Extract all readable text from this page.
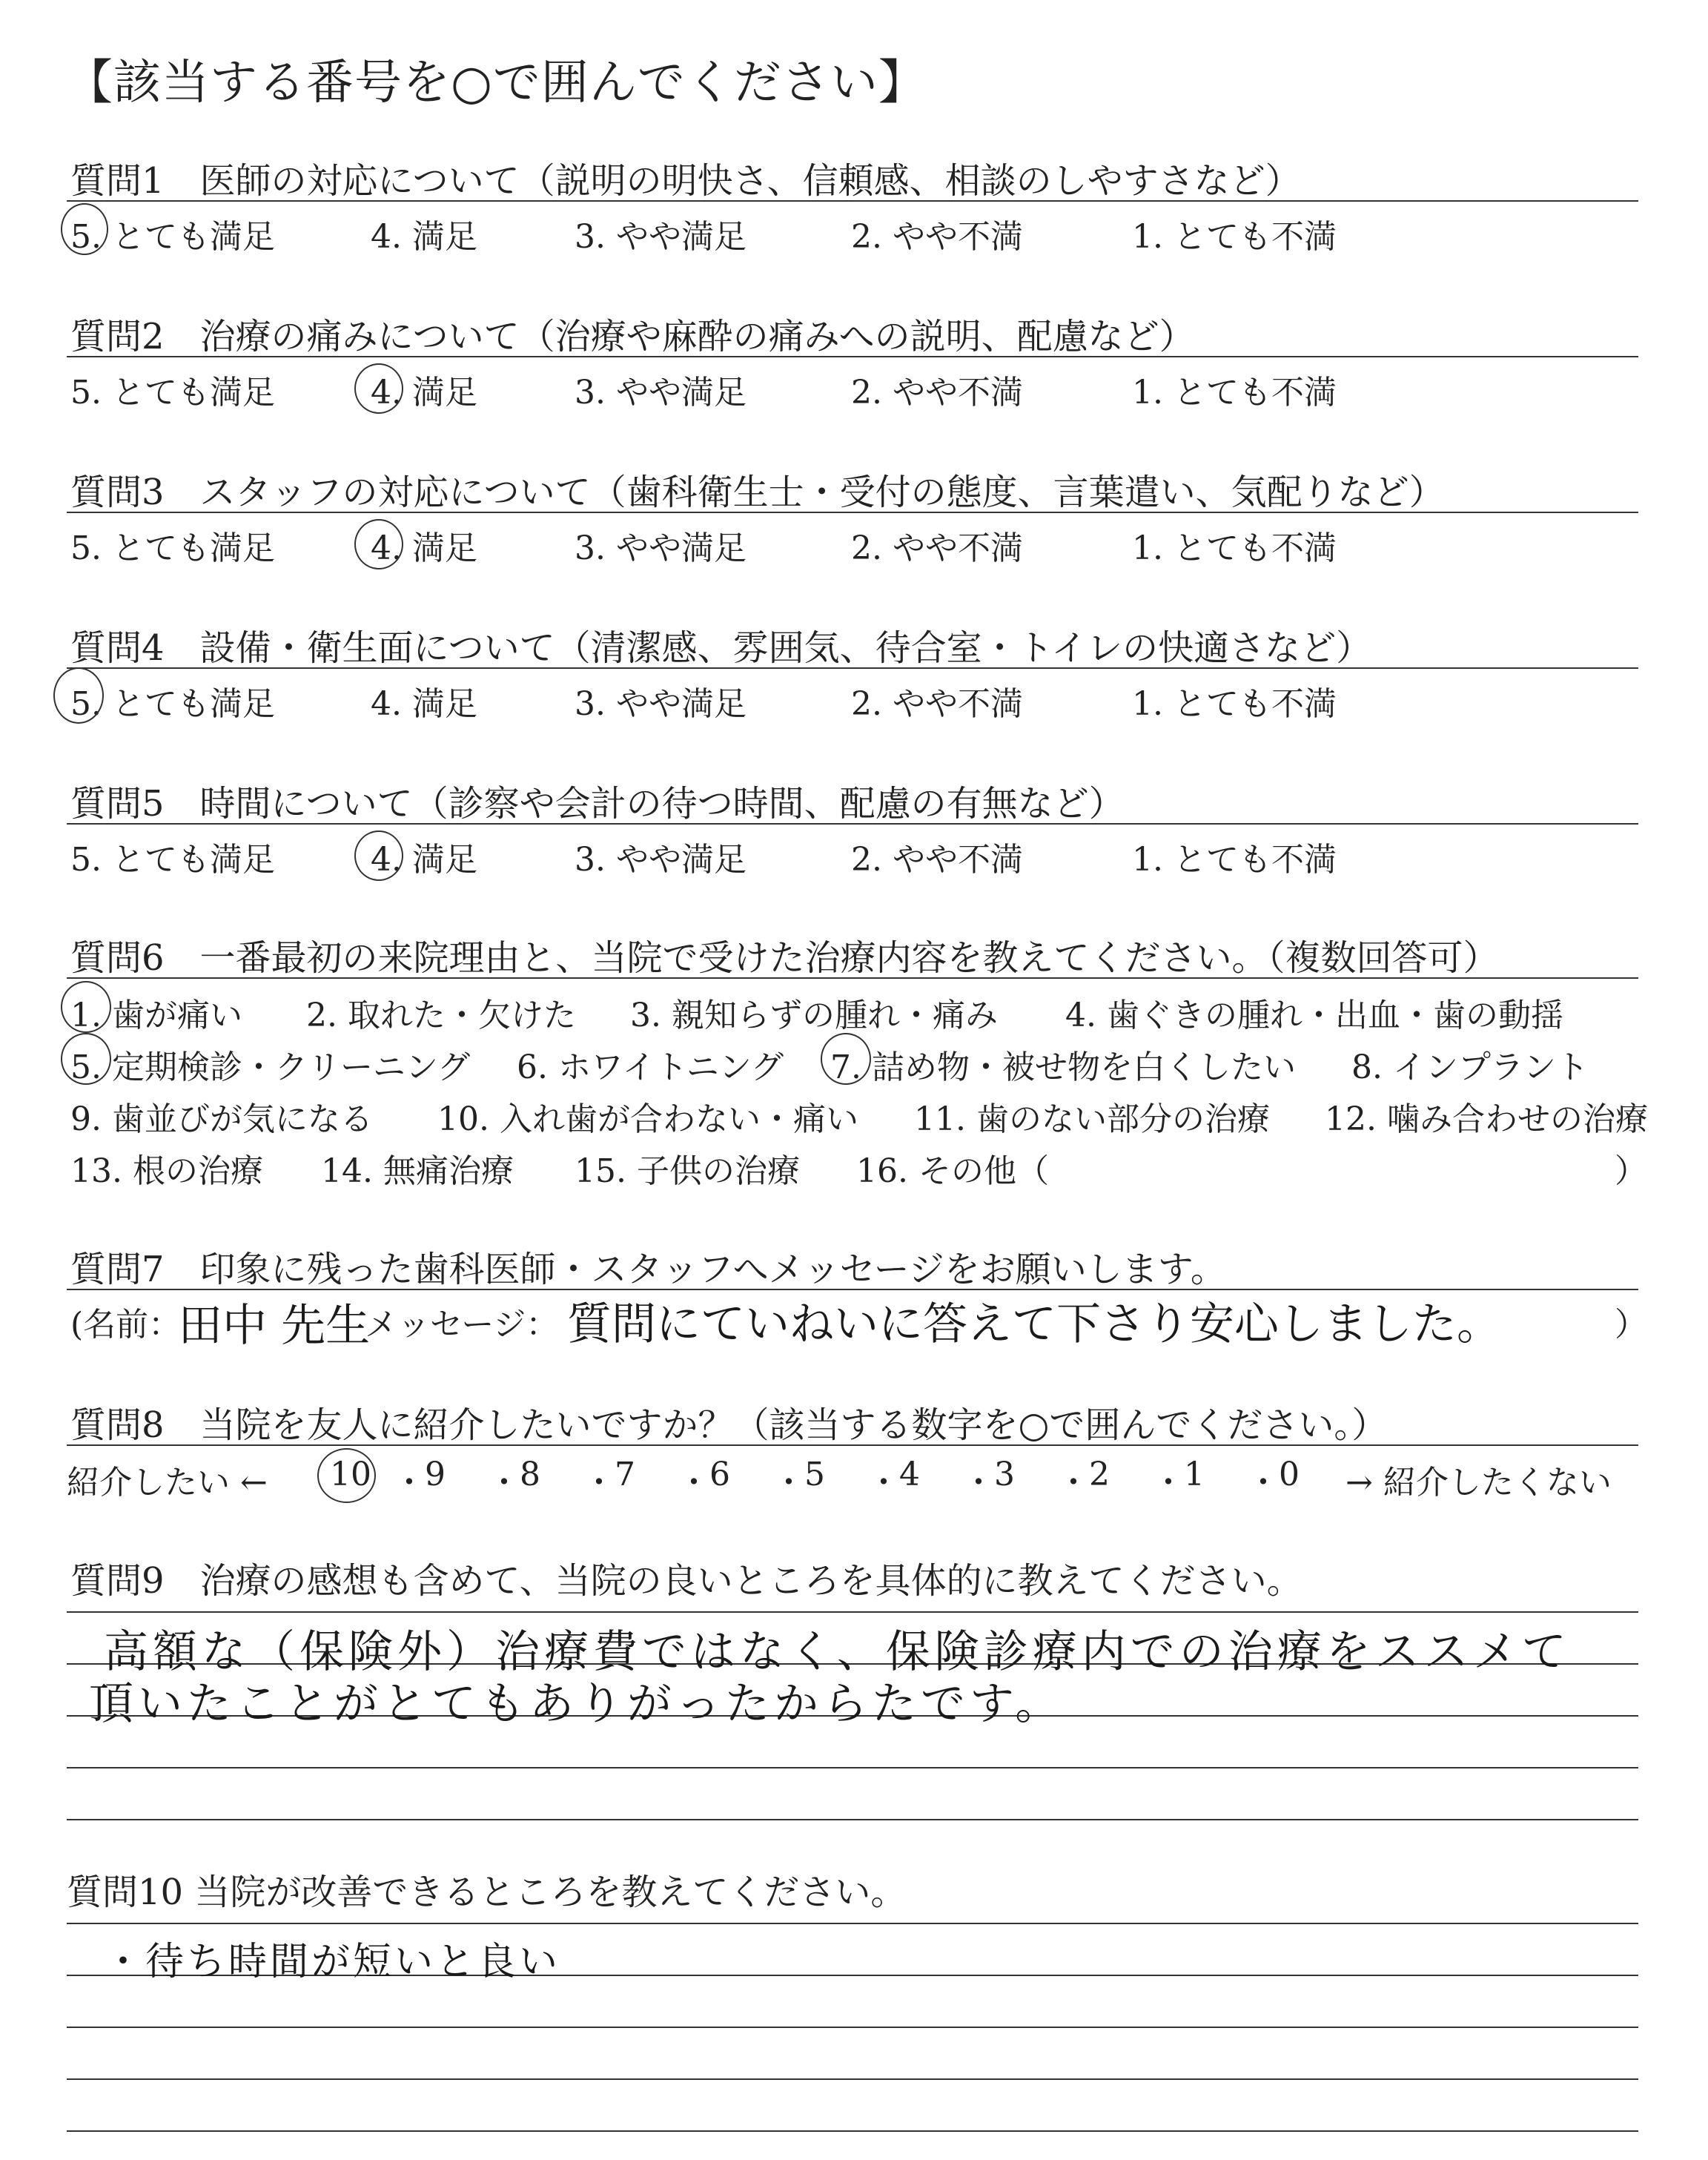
【該当する番号を○で囲んでください】
質問1　医師の対応について（説明の明快さ、信頼感、相談のしやすさなど）
5. とても満足	4. 満足	3. やや満足	2. やや不満	1. とても不満
質問2　治療の痛みについて（治療や麻酔の痛みへの説明、配慮など）
5. とても満足	4. 満足	3. やや満足	2. やや不満	1. とても不満
質問3　スタッフの対応について（歯科衛生士・受付の態度、言葉遣い、気配りなど）
5. とても満足	4. 満足	3. やや満足	2. やや不満	1. とても不満
質問4　設備・衛生面について（清潔感、雰囲気、待合室・トイレの快適さなど）
5. とても満足	4. 満足	3. やや満足	2. やや不満	1. とても不満
質問5　時間について（診察や会計の待つ時間、配慮の有無など）
5. とても満足	4. 満足	3. やや満足	2. やや不満	1. とても不満
質問6　一番最初の来院理由と、当院で受けた治療内容を教えてください。（複数回答可）
1. 歯が痛い 2. 取れた・欠けた 3. 親知らずの腫れ・痛み 4. 歯ぐきの腫れ・出血・歯の動揺
5. 定期検診・クリーニング 6. ホワイトニング 7. 詰め物・被せ物を白くしたい 8. インプラント
9. 歯並びが気になる 10. 入れ歯が合わない・痛い 11. 歯のない部分の治療 12. 噛み合わせの治療
13. 根の治療 14. 無痛治療 15. 子供の治療 16. その他（	）
質問7　印象に残った歯科医師・スタッフへメッセージをお願いします。
(名前：
田中 先生
メッセージ： 質問にていねいに答えて下さり安心しました。	）
質問8　当院を友人に紹介したいですか？（該当する数字を○で囲んでください。）
紹介したい ← 10 ・ 9 ・ 8 ・ 7 ・ 6 ・ 5 ・ 4 ・ 3 ・ 2 ・ 1 ・ 0 → 紹介したくない
質問9　治療の感想も含めて、当院の良いところを具体的に教えてください。
高額な（保険外）治療費ではなく、保険診療内での治療をススメて
頂いたことがとてもありがったからたです。
質問10 当院が改善できるところを教えてください。
・待ち時間が短いと良い
